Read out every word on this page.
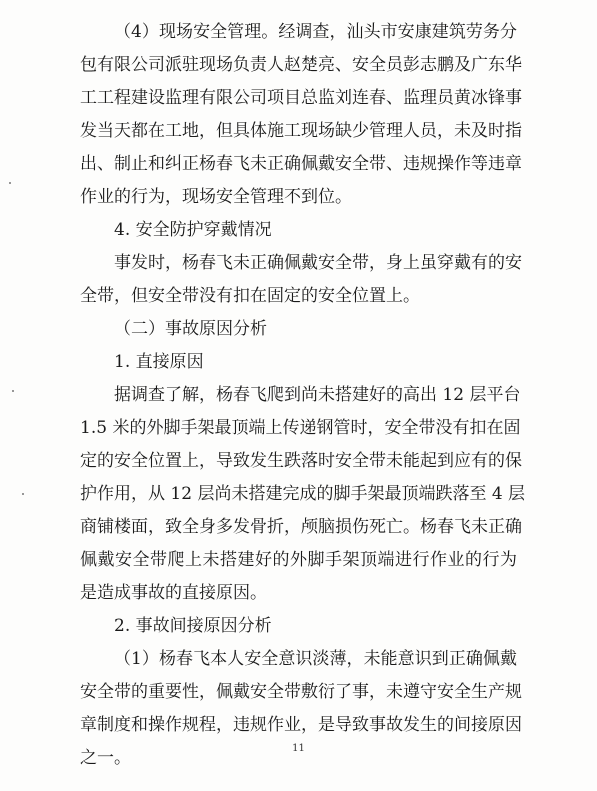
（4）现场安全管理。经调查，汕头市安康建筑劳务分
包有限公司派驻现场负责人赵楚亮、安全员彭志鹏及广东华
工工程建设监理有限公司项目总监刘连春、监理员黄冰锋事
发当天都在工地，但具体施工现场缺少管理人员，未及时指
出、制止和纠正杨春飞未正确佩戴安全带、违规操作等违章
作业的行为，现场安全管理不到位。
4. 安全防护穿戴情况
事发时，杨春飞未正确佩戴安全带，身上虽穿戴有的安
全带，但安全带没有扣在固定的安全位置上。
（二）事故原因分析
1. 直接原因
据调查了解，杨春飞爬到尚未搭建好的高出 12 层平台
1.5 米的外脚手架最顶端上传递钢管时，安全带没有扣在固
定的安全位置上，导致发生跌落时安全带未能起到应有的保
护作用，从 12 层尚未搭建完成的脚手架最顶端跌落至 4 层
商铺楼面，致全身多发骨折，颅脑损伤死亡。杨春飞未正确
佩戴安全带爬上未搭建好的外脚手架顶端进行作业的行为
是造成事故的直接原因。
2. 事故间接原因分析
（1）杨春飞本人安全意识淡薄，未能意识到正确佩戴
安全带的重要性，佩戴安全带敷衍了事，未遵守安全生产规
章制度和操作规程，违规作业，是导致事故发生的间接原因
之一。	11
